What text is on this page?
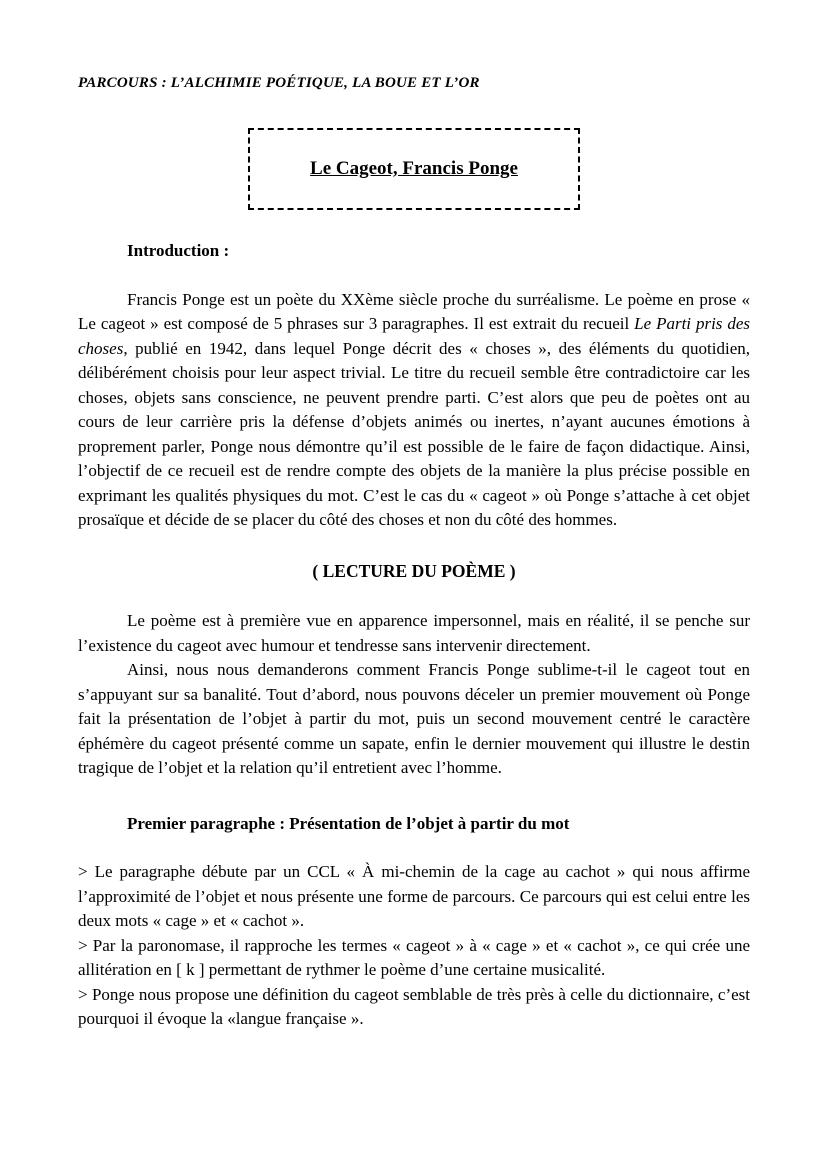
PARCOURS : L’ALCHIMIE POÉTIQUE, LA BOUE ET L’OR

Le Cageot, Francis Ponge
Introduction :

Francis Ponge est un poète du XXème siècle proche du surréalisme. Le poème en prose « Le cageot » est composé de 5 phrases sur 3 paragraphes. Il est extrait du recueil Le Parti pris des choses, publié en 1942, dans lequel Ponge décrit des « choses », des éléments du quotidien, délibérément choisis pour leur aspect trivial. Le titre du recueil semble être contradictoire car les choses, objets sans conscience, ne peuvent prendre parti. C’est alors que peu de poètes ont au cours de leur carrière pris la défense d’objets animés ou inertes, n’ayant aucunes émotions à proprement parler, Ponge nous démontre qu’il est possible de le faire de façon didactique. Ainsi, l’objectif de ce recueil est de rendre compte des objets de la manière la plus précise possible en exprimant les qualités physiques du mot. C’est le cas du « cageot » où Ponge s’attache à cet objet prosaïque et décide de se placer du côté des choses et non du côté des hommes.

( LECTURE DU POÈME )

Le poème est à première vue en apparence impersonnel, mais en réalité, il se penche sur l’existence du cageot avec humour et tendresse sans intervenir directement.

Ainsi, nous nous demanderons comment Francis Ponge sublime-t-il le cageot tout en s’appuyant sur sa banalité. Tout d’abord, nous pouvons déceler un premier mouvement où Ponge fait la présentation de l’objet à partir du mot, puis un second mouvement centré le caractère éphémère du cageot présenté comme un sapate, enfin le dernier mouvement qui illustre le destin tragique de l’objet et la relation qu’il entretient avec l’homme.

Premier paragraphe : Présentation de l’objet à partir du mot

> Le paragraphe débute par un CCL « À mi-chemin de la cage au cachot » qui nous affirme l’approximité de l’objet et nous présente une forme de parcours. Ce parcours qui est celui entre les deux mots « cage » et « cachot ».

> Par la paronomase, il rapproche les termes « cageot » à « cage » et « cachot », ce qui crée une allitération en [ k ] permettant de rythmer le poème d’une certaine musicalité.

> Ponge nous propose une définition du cageot semblable de très près à celle du dictionnaire, c’est pourquoi il évoque la «langue française ».
